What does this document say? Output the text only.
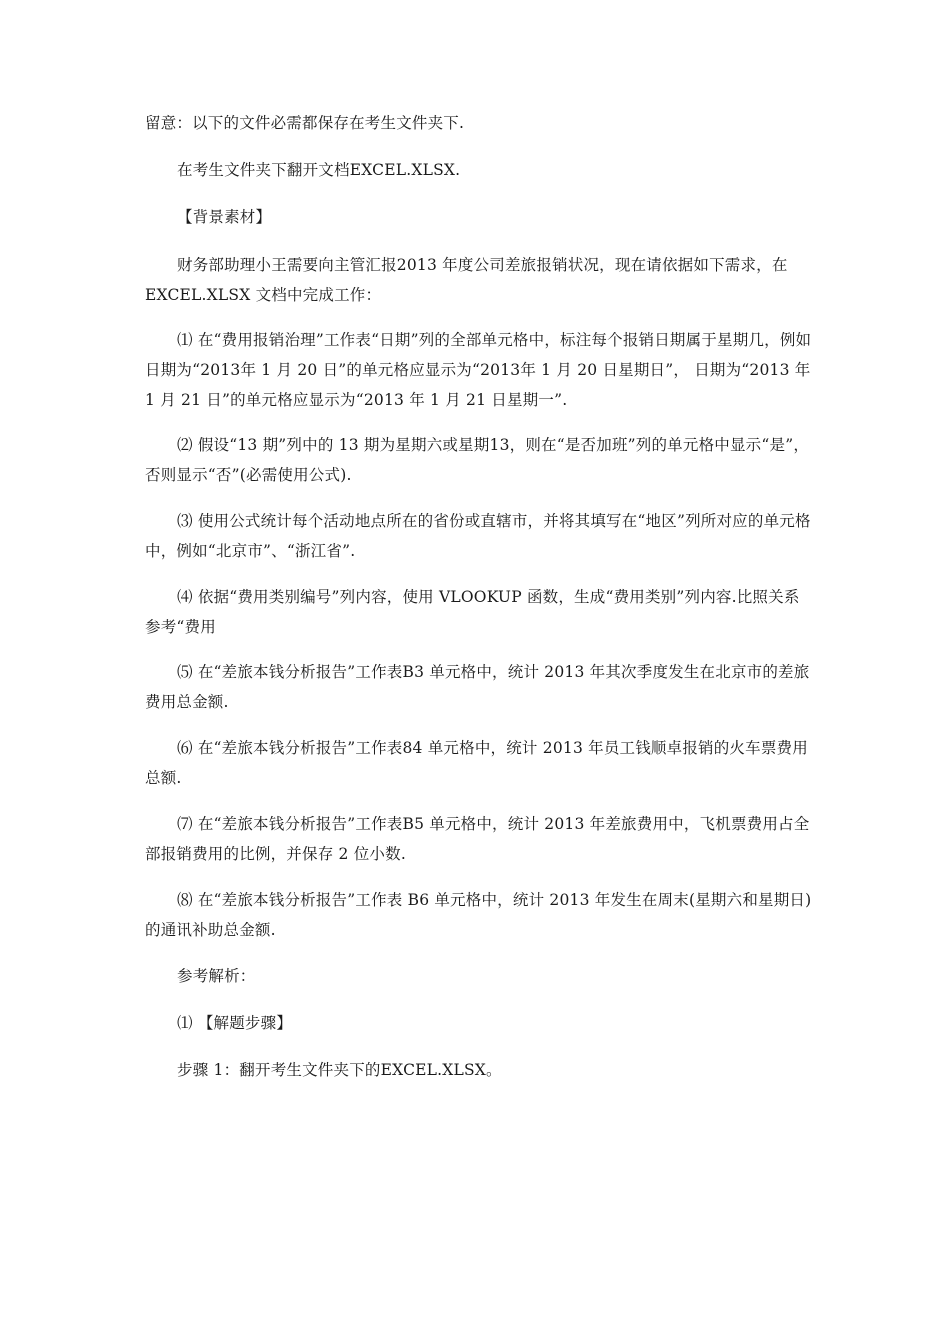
留意：以下的文件必需都保存在考生文件夹下.

在考生文件夹下翻开文档EXCEL.XLSX.

【背景素材】

财务部助理小王需要向主管汇报2013 年度公司差旅报销状况，现在请依据如下需求，在 EXCEL.XLSX 文档中完成工作：

⑴ 在“费用报销治理”工作表“日期”列的全部单元格中，标注每个报销日期属于星期几，例如日期为“2013年 1 月 20 日”的单元格应显示为“2013年 1 月 20 日星期日”， 日期为“2013 年 1 月 21 日”的单元格应显示为“2013 年 1 月 21 日星期一”.

⑵ 假设“13 期”列中的 13 期为星期六或星期13，则在“是否加班”列的单元格中显示“是”，否则显示“否”(必需使用公式).

⑶ 使用公式统计每个活动地点所在的省份或直辖市，并将其填写在“地区”列所对应的单元格中，例如“北京市”、“浙江省”.

⑷ 依据“费用类别编号”列内容，使用 VLOOKUP 函数，生成“费用类别”列内容.比照关系参考“费用

⑸ 在“差旅本钱分析报告”工作表B3 单元格中，统计 2013 年其次季度发生在北京市的差旅费用总金额.

⑹ 在“差旅本钱分析报告”工作表84 单元格中，统计 2013 年员工钱顺卓报销的火车票费用总额.

⑺ 在“差旅本钱分析报告”工作表B5 单元格中，统计 2013 年差旅费用中，飞机票费用占全部报销费用的比例，并保存 2 位小数.

⑻ 在“差旅本钱分析报告”工作表 B6 单元格中，统计 2013 年发生在周末(星期六和星期日)的通讯补助总金额.

参考解析：

⑴ 【解题步骤】

步骤 1：翻开考生文件夹下的EXCEL.XLSX。
